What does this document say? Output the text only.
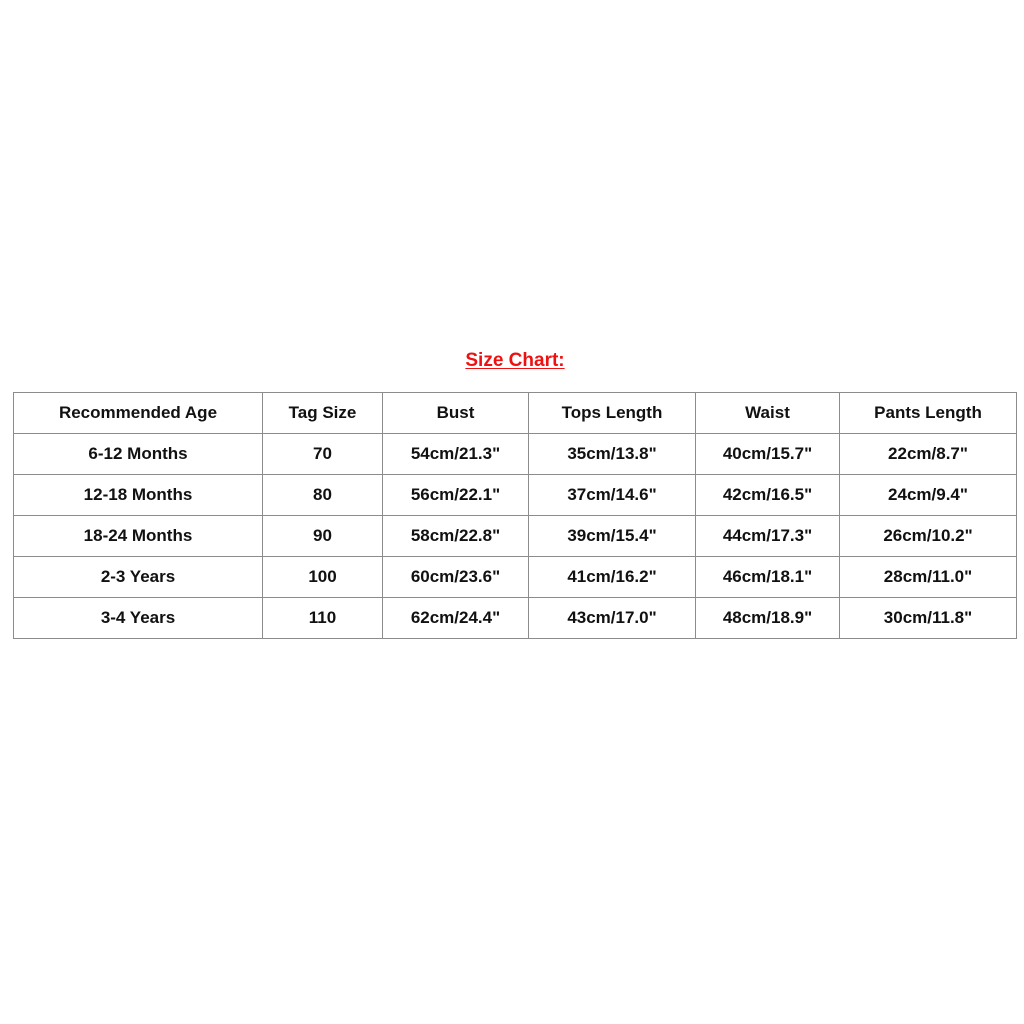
Size Chart:
Recommended Age	Tag Size	Bust	Tops Length	Waist	Pants Length
6-12 Months	70	54cm/21.3"	35cm/13.8"	40cm/15.7"	22cm/8.7"
12-18 Months	80	56cm/22.1"	37cm/14.6"	42cm/16.5"	24cm/9.4"
18-24 Months	90	58cm/22.8"	39cm/15.4"	44cm/17.3"	26cm/10.2"
2-3 Years	100	60cm/23.6"	41cm/16.2"	46cm/18.1"	28cm/11.0"
3-4 Years	110	62cm/24.4"	43cm/17.0"	48cm/18.9"	30cm/11.8"
